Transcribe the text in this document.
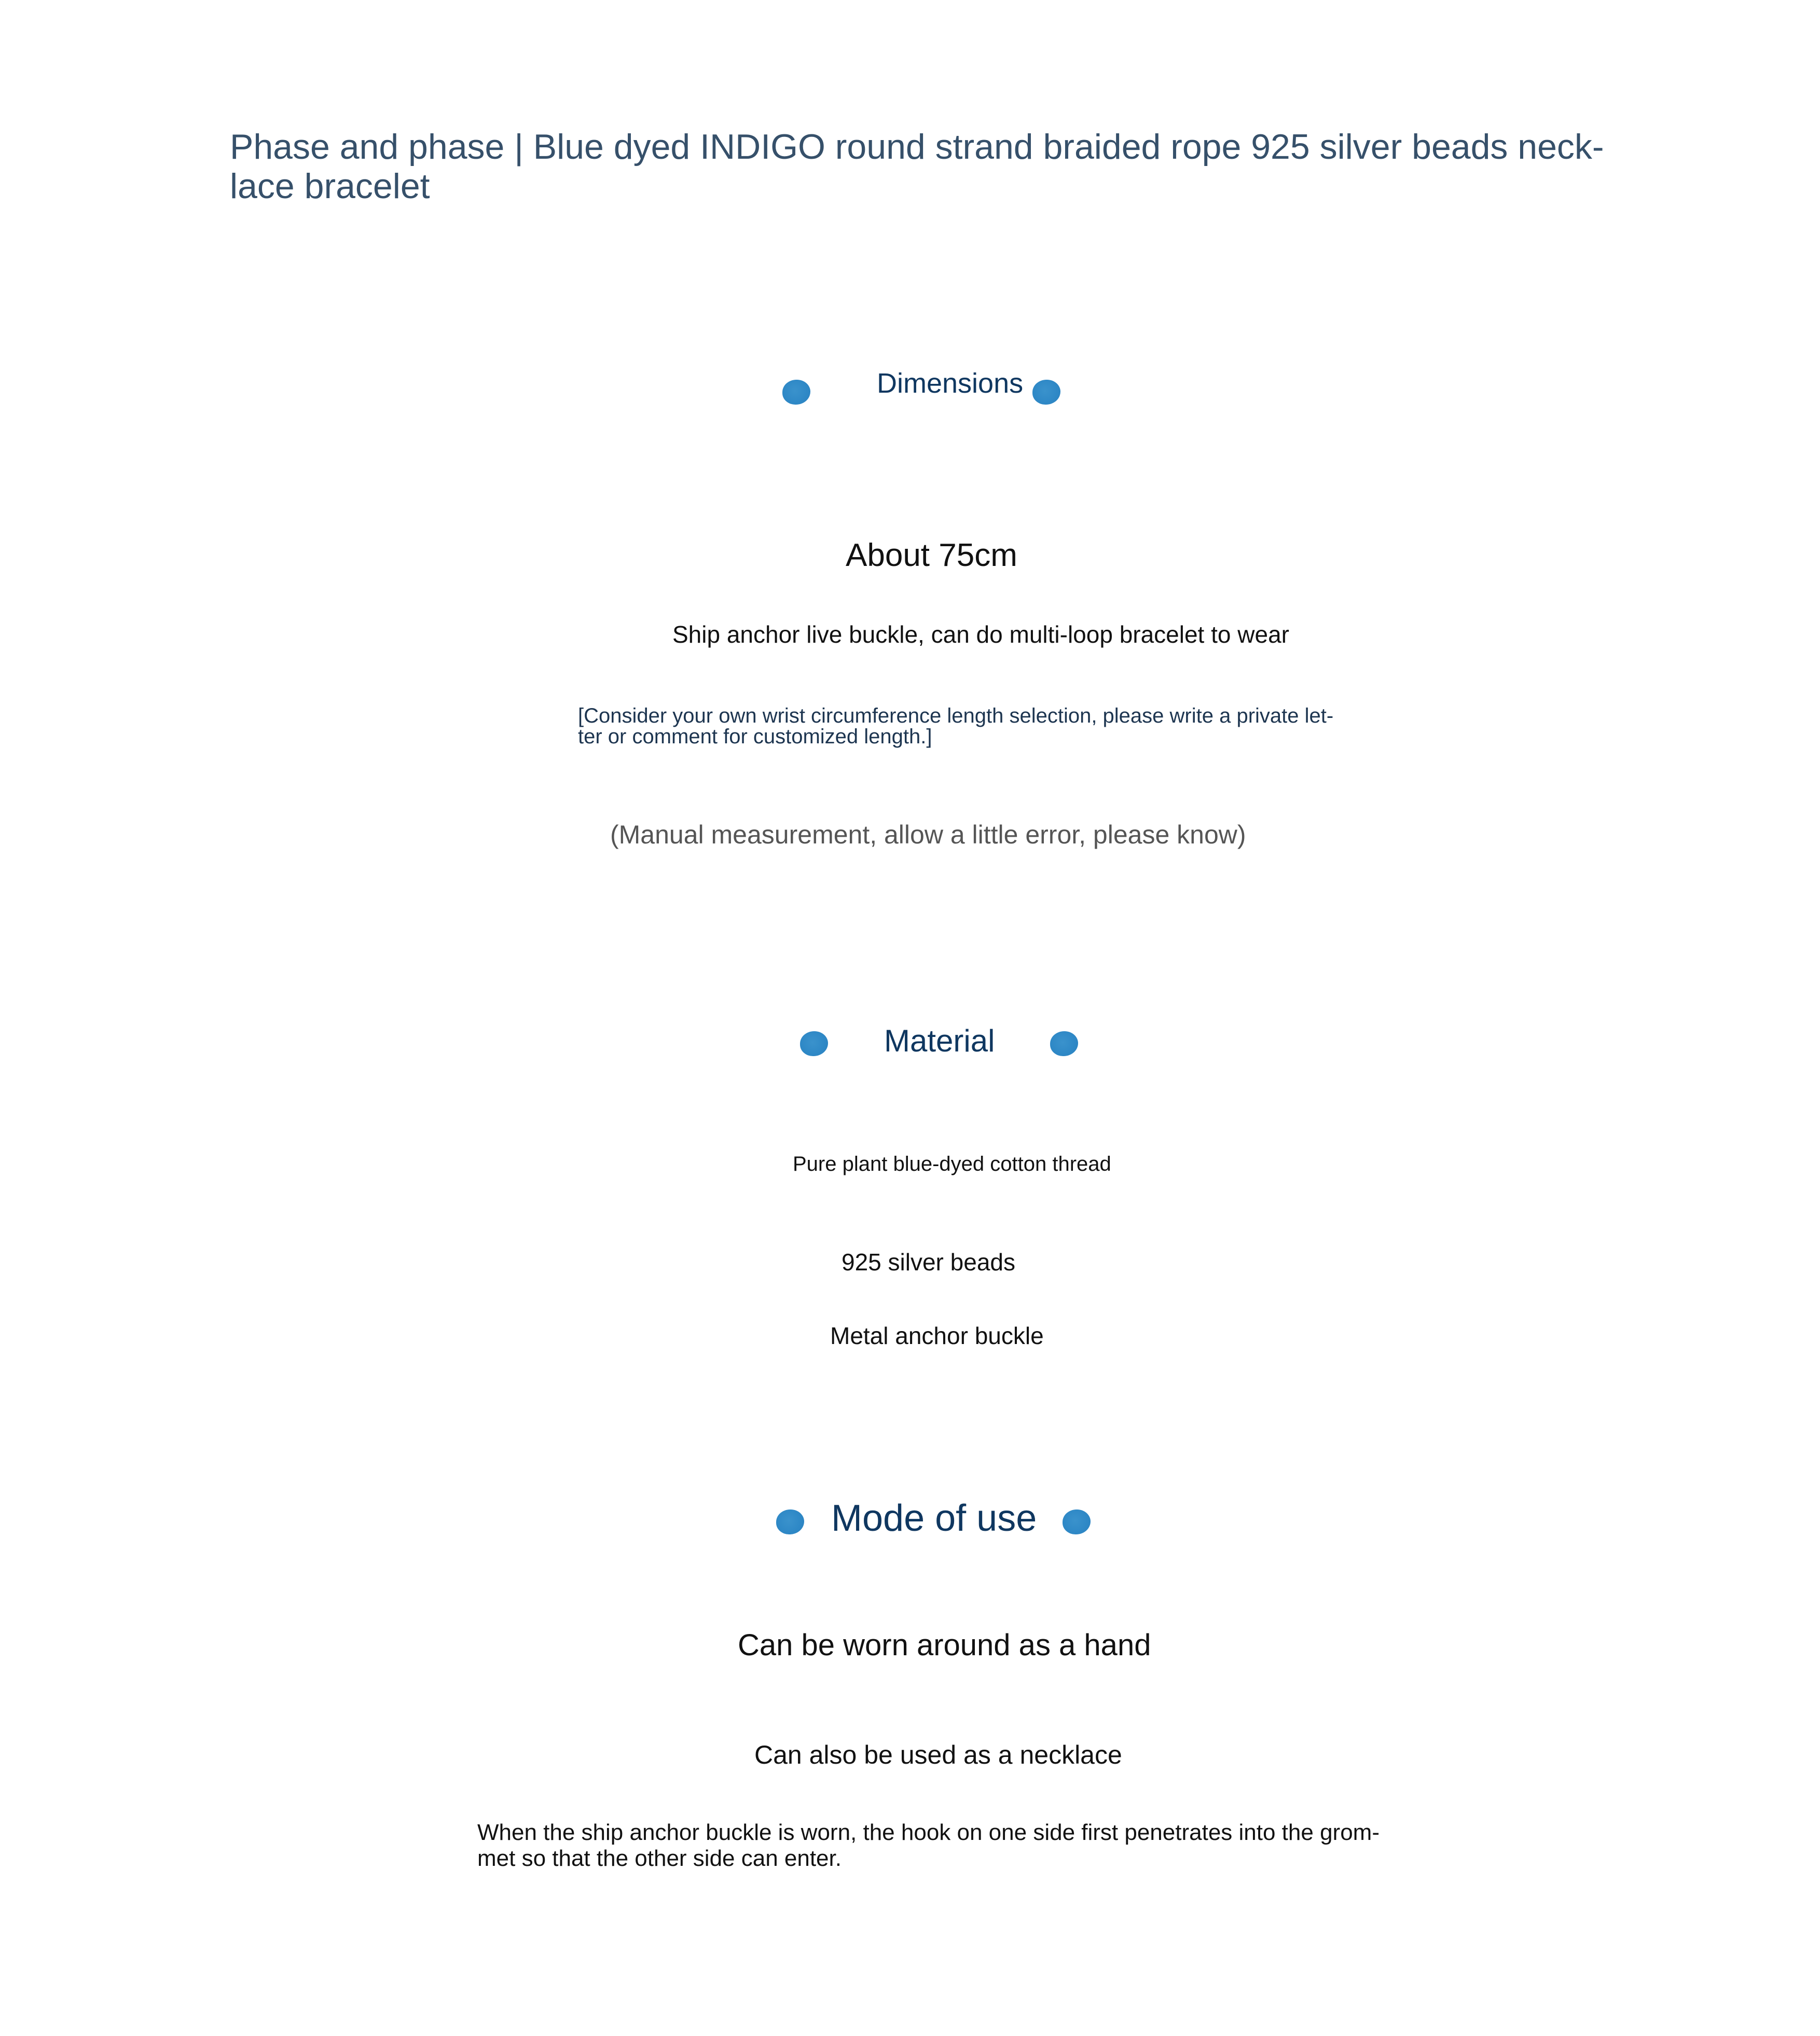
Phase and phase | Blue dyed INDIGO round strand braided rope 925 silver beads neck-
lace bracelet
Dimensions
About 75cm
Ship anchor live buckle, can do multi-loop bracelet to wear
[Consider your own wrist circumference length selection, please write a private let-
ter or comment for customized length.]
(Manual measurement, allow a little error, please know)
Material
Pure plant blue-dyed cotton thread
925 silver beads
Metal anchor buckle
Mode of use
Can be worn around as a hand
Can also be used as a necklace
When the ship anchor buckle is worn, the hook on one side first penetrates into the grom-
met so that the other side can enter.
